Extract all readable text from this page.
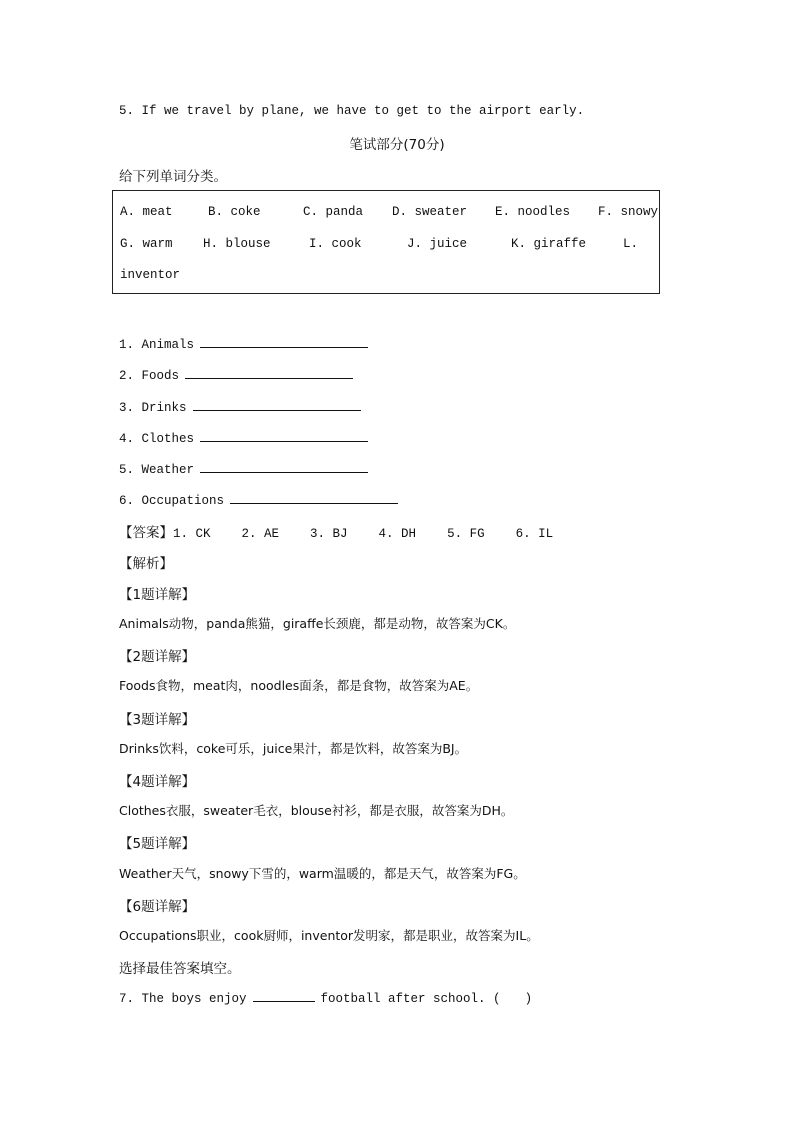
5. If we travel by plane, we have to get to the airport early.
笔试部分(70分)
给下列单词分类。
A. meat	B. coke	C. panda D. sweater E. noodles F. snowy
G. warm H. blouse	I. cook	J. juice	K. giraffe	L.
inventor
1. Animals
2. Foods
3. Drinks
4. Clothes
5. Weather
6. Occupations
【答案】1. CK 2. AE 3. BJ 4. DH 5. FG 6. IL
【解析】
【1题详解】
Animals动物，panda熊猫，giraffe长颈鹿，都是动物，故答案为CK。
【2题详解】
Foods食物，meat肉，noodles面条，都是食物，故答案为AE。
【3题详解】
Drinks饮料，coke可乐，juice果汁，都是饮料，故答案为BJ。
【4题详解】
Clothes衣服，sweater毛衣，blouse衬衫，都是衣服，故答案为DH。
【5题详解】
Weather天气，snowy下雪的，warm温暖的，都是天气，故答案为FG。
【6题详解】
Occupations职业，cook厨师，inventor发明家，都是职业，故答案为IL。
选择最佳答案填空。
7. The boys enjoy	football after school. ( )
